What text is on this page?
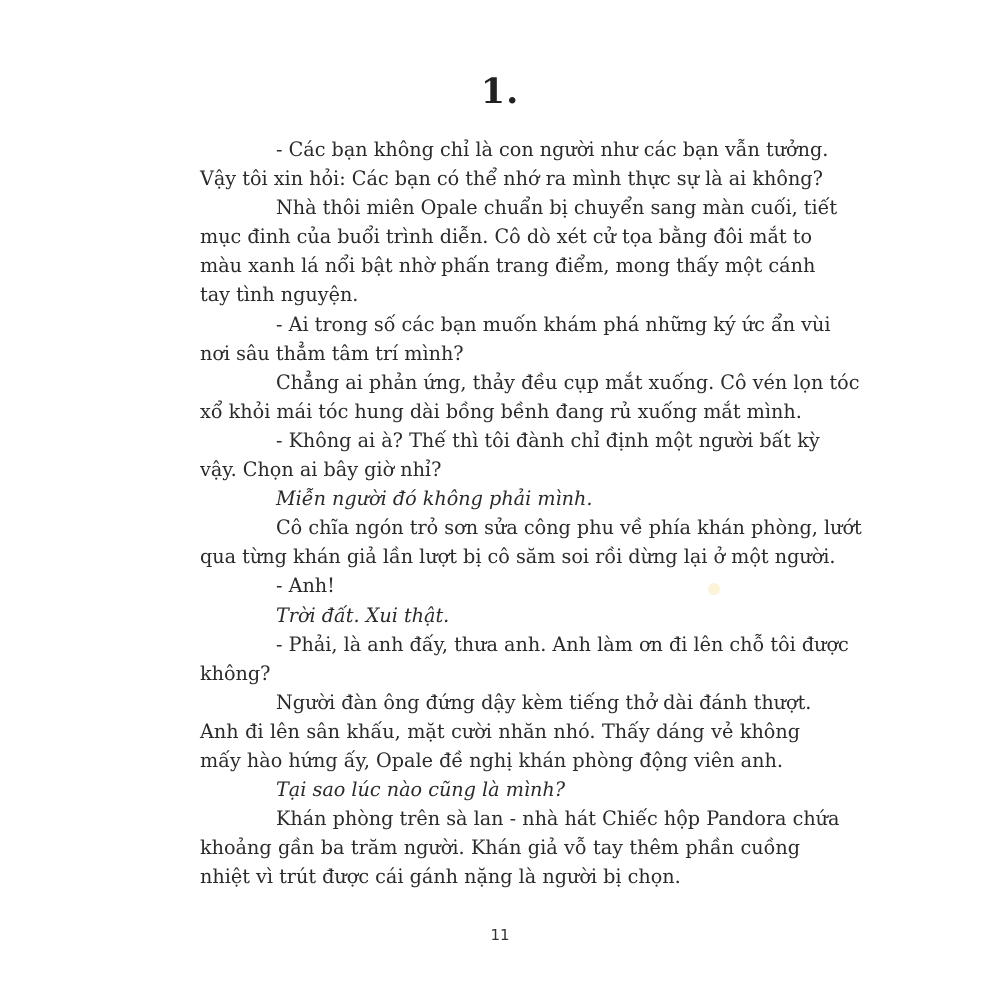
1.

- Các bạn không chỉ là con người như các bạn vẫn tưởng.
Vậy tôi xin hỏi: Các bạn có thể nhớ ra mình thực sự là ai không?

Nhà thôi miên Opale chuẩn bị chuyển sang màn cuối, tiết
mục đinh của buổi trình diễn. Cô dò xét cử tọa bằng đôi mắt to
màu xanh lá nổi bật nhờ phấn trang điểm, mong thấy một cánh
tay tình nguyện.

- Ai trong số các bạn muốn khám phá những ký ức ẩn vùi
nơi sâu thẳm tâm trí mình?

Chẳng ai phản ứng, thảy đều cụp mắt xuống. Cô vén lọn tóc
xổ khỏi mái tóc hung dài bồng bềnh đang rủ xuống mắt mình.

- Không ai à? Thế thì tôi đành chỉ định một người bất kỳ
vậy. Chọn ai bây giờ nhỉ?

Miễn người đó không phải mình.

Cô chĩa ngón trỏ sơn sửa công phu về phía khán phòng, lướt
qua từng khán giả lần lượt bị cô săm soi rồi dừng lại ở một người.

- Anh!

Trời đất. Xui thật.

- Phải, là anh đấy, thưa anh. Anh làm ơn đi lên chỗ tôi được
không?

Người đàn ông đứng dậy kèm tiếng thở dài đánh thượt.
Anh đi lên sân khấu, mặt cười nhăn nhó. Thấy dáng vẻ không
mấy hào hứng ấy, Opale đề nghị khán phòng động viên anh.

Tại sao lúc nào cũng là mình?

Khán phòng trên sà lan - nhà hát Chiếc hộp Pandora chứa
khoảng gần ba trăm người. Khán giả vỗ tay thêm phần cuồng
nhiệt vì trút được cái gánh nặng là người bị chọn.

11
